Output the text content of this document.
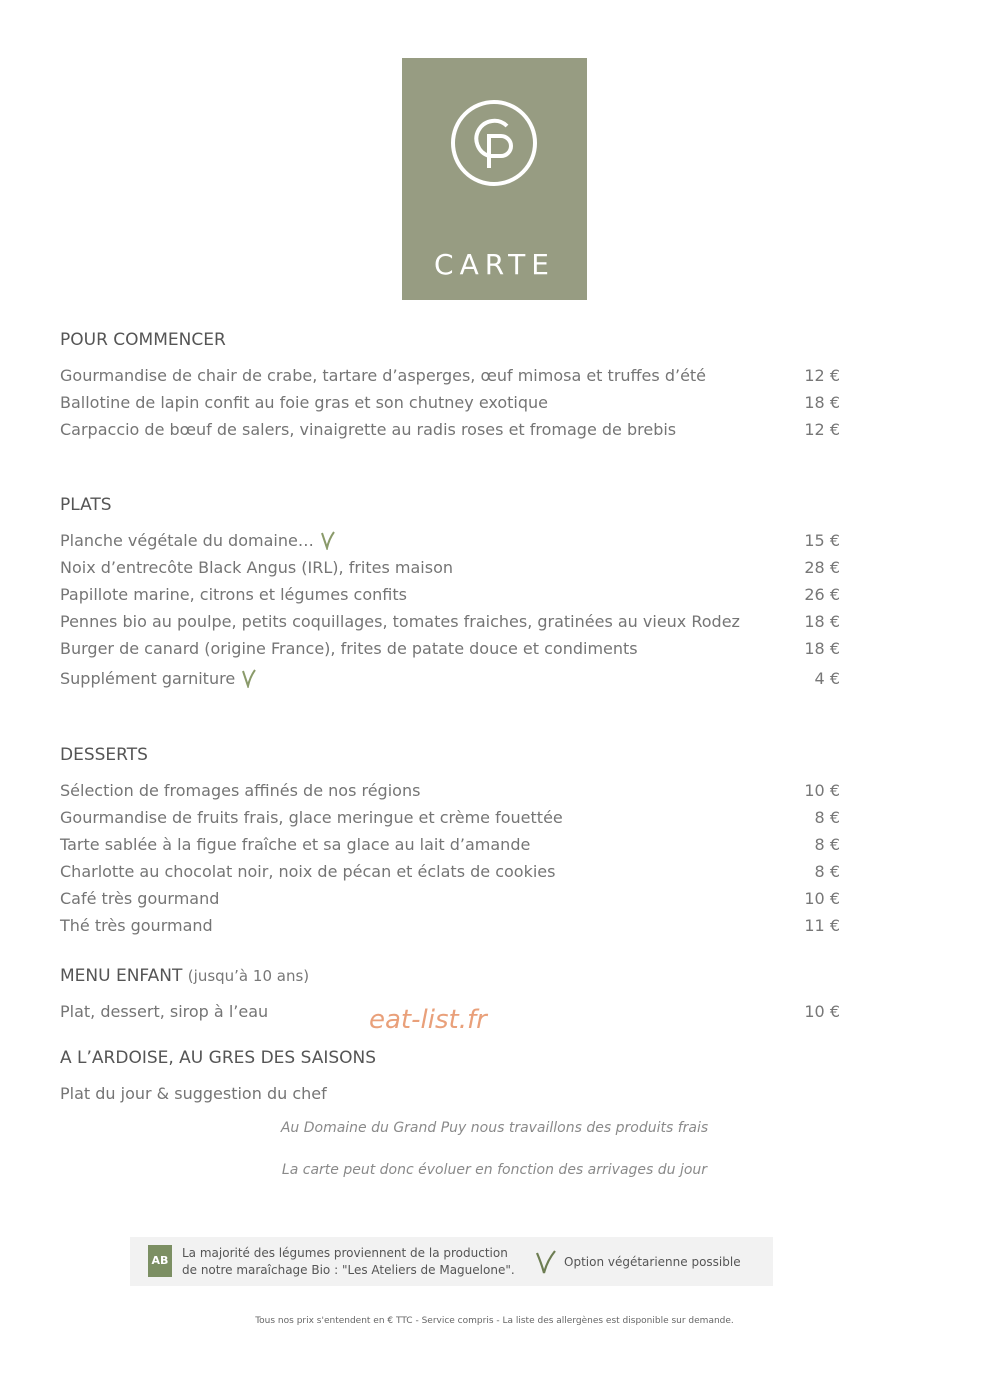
CARTE
POUR COMMENCER
Gourmandise de chair de crabe, tartare d’asperges, œuf mimosa et truffes d’été	12 €
Ballotine de lapin confit au foie gras et son chutney exotique	18 €
Carpaccio de bœuf de salers, vinaigrette au radis roses et fromage de brebis	12 €
PLATS
Planche végétale du domaine…	15 €
Noix d’entrecôte Black Angus (IRL), frites maison	28 €
Papillote marine, citrons et légumes confits	26 €
Pennes bio au poulpe, petits coquillages, tomates fraiches, gratinées au vieux Rodez	18 €
Burger de canard (origine France), frites de patate douce et condiments	18 €
Supplément garniture	4 €
DESSERTS
Sélection de fromages affinés de nos régions	10 €
Gourmandise de fruits frais, glace meringue et crème fouettée	8 €
Tarte sablée à la figue fraîche et sa glace au lait d’amande	8 €
Charlotte au chocolat noir, noix de pécan et éclats de cookies	8 €
Café très gourmand	10 €
Thé très gourmand	11 €
MENU ENFANT (jusqu’à 10 ans)
Plat, dessert, sirop à l’eau	10 €
eat-list.fr
A L’ARDOISE, AU GRES DES SAISONS
Plat du jour & suggestion du chef
Au Domaine du Grand Puy nous travaillons des produits frais
La carte peut donc évoluer en fonction des arrivages du jour
AB
La majorité des légumes proviennent de la production
de notre maraîchage Bio : "Les Ateliers de Maguelone".
Option végétarienne possible
Tous nos prix s'entendent en € TTC - Service compris - La liste des allergènes est disponible sur demande.
